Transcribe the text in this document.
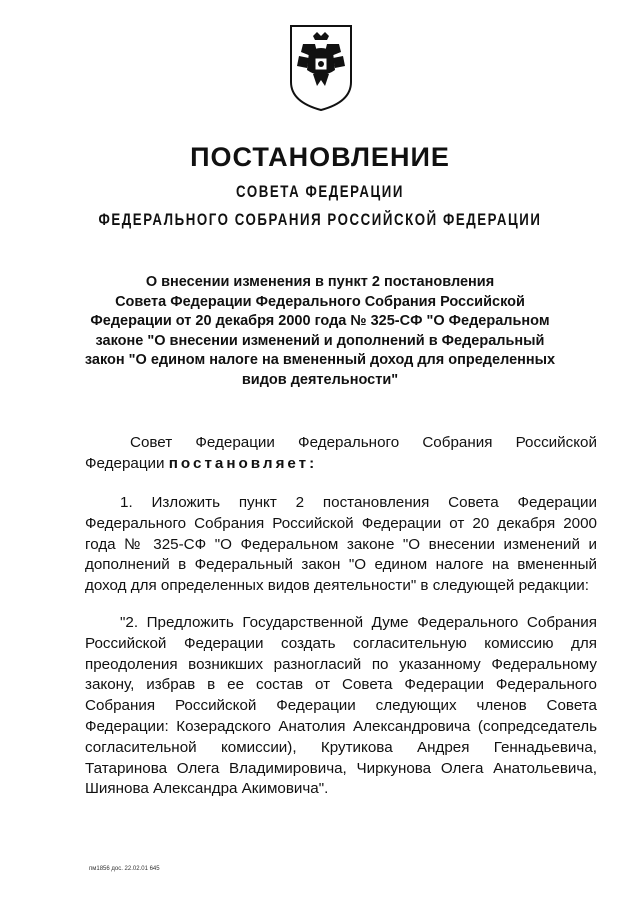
ПОСТАНОВЛЕНИЕ
СОВЕТА ФЕДЕРАЦИИ
ФЕДЕРАЛЬНОГО СОБРАНИЯ РОССИЙСКОЙ ФЕДЕРАЦИИ
О внесении изменения в пункт 2 постановления
Совета Федерации Федерального Собрания Российской
Федерации от 20 декабря 2000 года № 325-СФ "О Федеральном
законе "О внесении изменений и дополнений в Федеральный
закон "О едином налоге на вмененный доход для определенных
видов деятельности"
Совет Федерации Федерального Собрания Российской Федерации постановляет:
1. Изложить пункт 2 постановления Совета Федерации Федерального Собрания Российской Федерации от 20 декабря 2000 года № 325-СФ "О Федеральном законе "О внесении изменений и дополнений в Федеральный закон "О едином налоге на вмененный доход для определенных видов деятельности" в следующей редакции:
"2. Предложить Государственной Думе Федерального Собрания Российской Федерации создать согласительную комиссию для преодоления возникших разногласий по указанному Федеральному закону, избрав в ее состав от Совета Федерации Федерального Собрания Российской Федерации следующих членов Совета Федерации: Козерадского Анатолия Александровича (сопредседатель согласительной комиссии), Крутикова Андрея Геннадьевича, Татаринова Олега Владимировича, Чиркунова Олега Анатольевича, Шиянова Александра Акимовича".
пм1856 доc. 22.02.01 645
